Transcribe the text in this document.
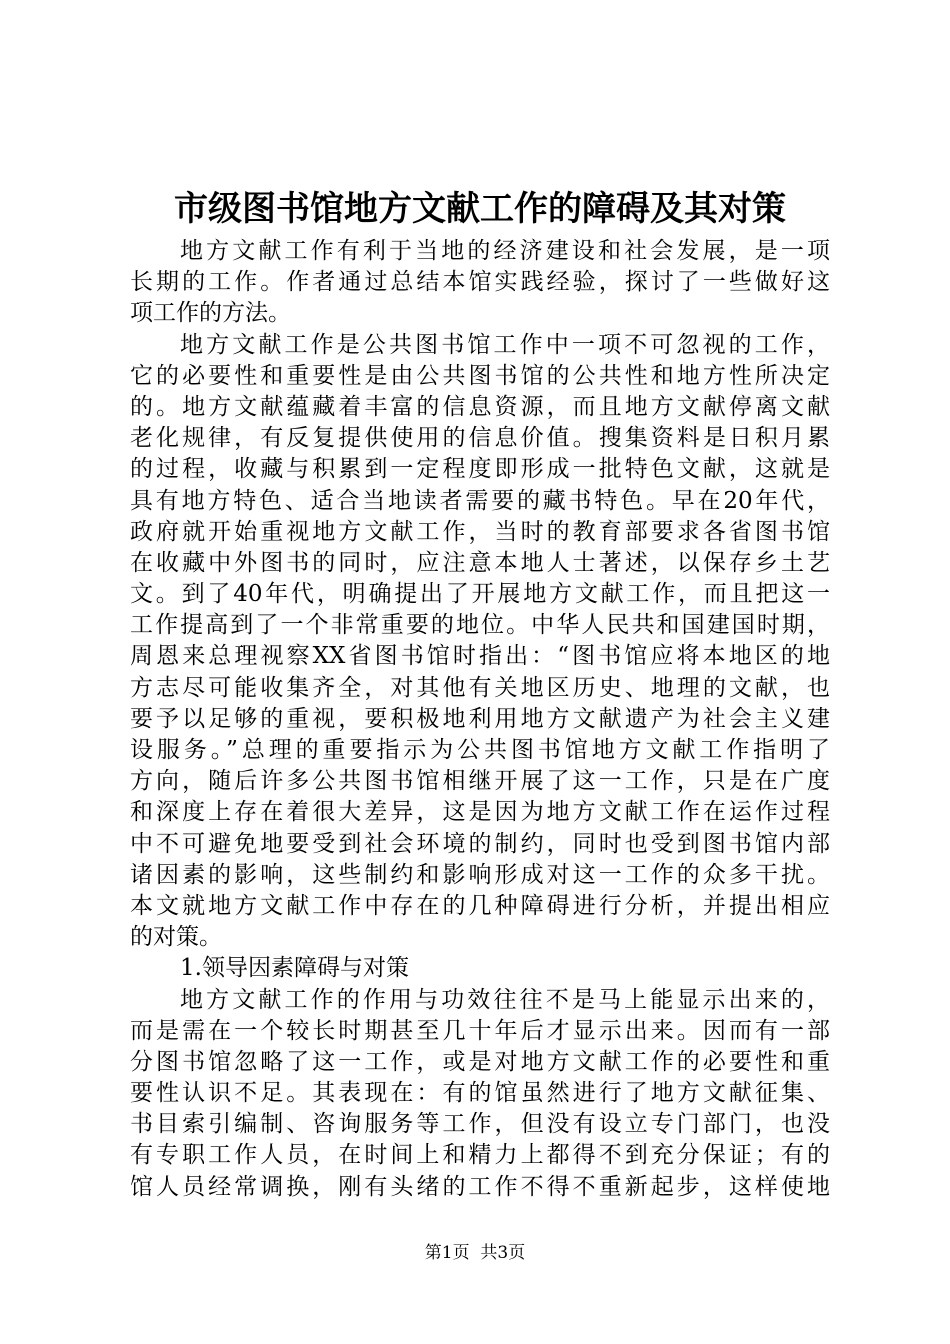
市级图书馆地方文献工作的障碍及其对策
地方文献工作有利于当地的经济建设和社会发展，是一项
长期的工作。作者通过总结本馆实践经验，探讨了一些做好这
项工作的方法。
地方文献工作是公共图书馆工作中一项不可忽视的工作，
它的必要性和重要性是由公共图书馆的公共性和地方性所决定
的。地方文献蕴藏着丰富的信息资源，而且地方文献停离文献
老化规律，有反复提供使用的信息价值。搜集资料是日积月累
的过程，收藏与积累到一定程度即形成一批特色文献，这就是
具有地方特色、适合当地读者需要的藏书特色。早在20年代，
政府就开始重视地方文献工作，当时的教育部要求各省图书馆
在收藏中外图书的同时，应注意本地人士著述，以保存乡土艺
文。到了40年代，明确提出了开展地方文献工作，而且把这一
工作提高到了一个非常重要的地位。中华人民共和国建国时期，
周恩来总理视察XX省图书馆时指出：“图书馆应将本地区的地
方志尽可能收集齐全，对其他有关地区历史、地理的文献，也
要予以足够的重视，要积极地利用地方文献遗产为社会主义建
设服务。”总理的重要指示为公共图书馆地方文献工作指明了
方向，随后许多公共图书馆相继开展了这一工作，只是在广度
和深度上存在着很大差异，这是因为地方文献工作在运作过程
中不可避免地要受到社会环境的制约，同时也受到图书馆内部
诸因素的影响，这些制约和影响形成对这一工作的众多干扰。
本文就地方文献工作中存在的几种障碍进行分析，并提出相应
的对策。
1.领导因素障碍与对策
地方文献工作的作用与功效往往不是马上能显示出来的，
而是需在一个较长时期甚至几十年后才显示出来。因而有一部
分图书馆忽略了这一工作，或是对地方文献工作的必要性和重
要性认识不足。其表现在：有的馆虽然进行了地方文献征集、
书目索引编制、咨询服务等工作，但没有设立专门部门，也没
有专职工作人员，在时间上和精力上都得不到充分保证；有的
馆人员经常调换，刚有头绪的工作不得不重新起步，这样使地
第1页  共3页
